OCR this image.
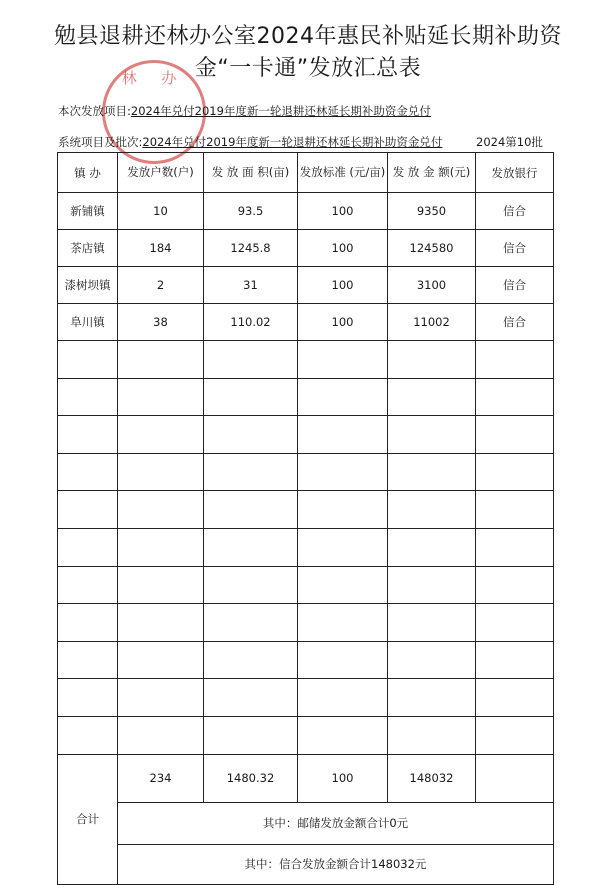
勉县退耕还林办公室2024年惠民补贴延长期补助资
金“一卡通”发放汇总表
林 办
本次发放项目:2024年兑付2019年度新一轮退耕还林延长期补助资金兑付
系统项目及批次:2024年兑付2019年度新一轮退耕还林延长期补助资金兑付	2024第10批
镇 办	发放户数(户)	发 放 面 积(亩)	发放标准 (元/亩)	发 放 金 额(元)	发放银行
新铺镇	10	93.5	100	9350	信合
茶店镇	184	1245.8	100	124580	信合
漆树坝镇	2	31	100	3100	信合
阜川镇	38	110.02	100	11002	信合

合计	234	1480.32	100	148032	
	其中：邮储发放金额合计0元				
	其中：信合发放金额合计148032元				
